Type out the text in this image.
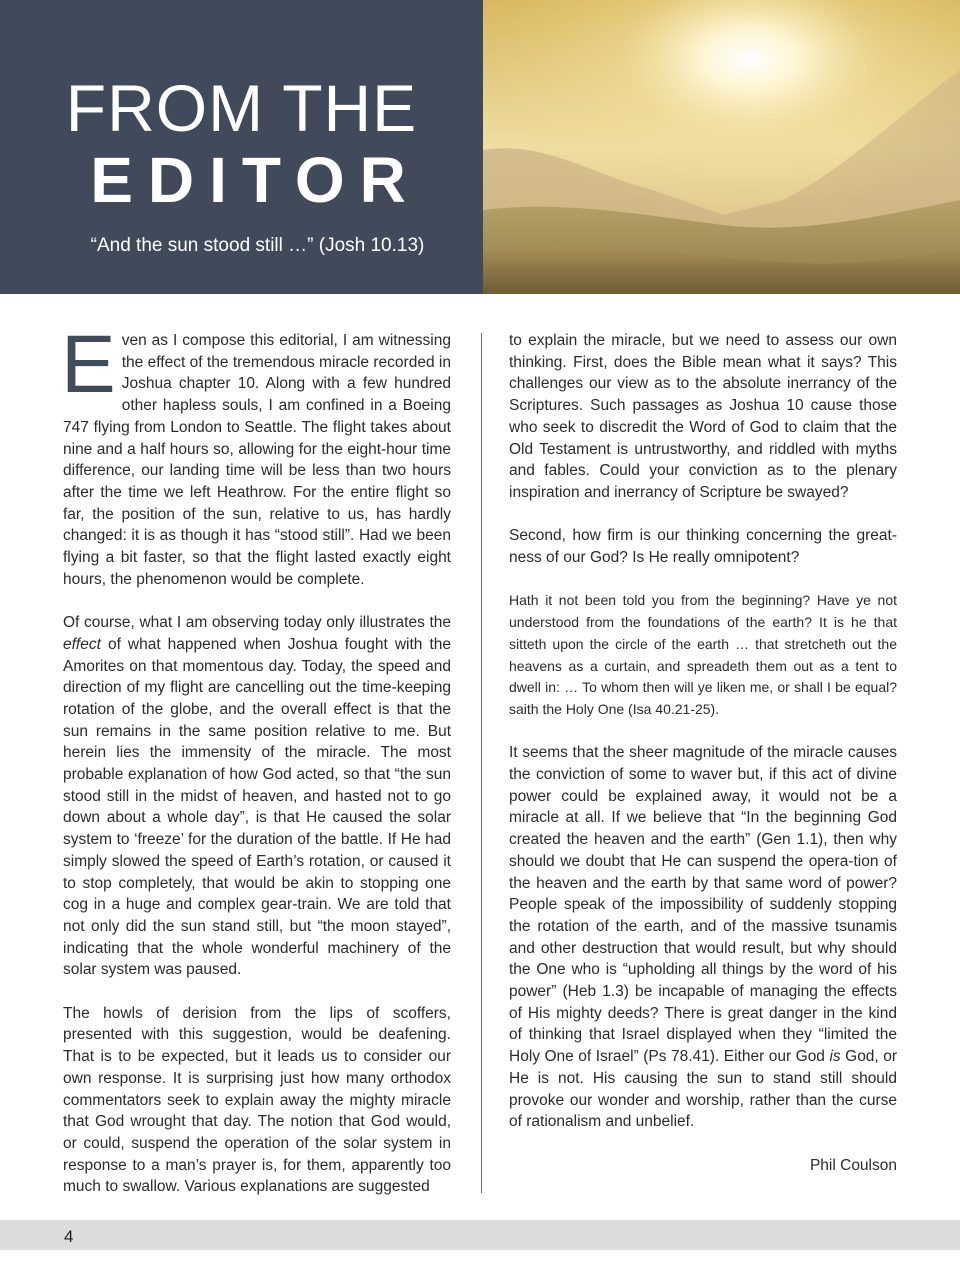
FROM THE
EDITOR
“And the sun stood still …” (Josh 10.13)

Even as I compose this editorial, I am witnessing the effect of the tremendous miracle recorded in Joshua chapter 10. Along with a few hundred other hapless souls, I am confined in a Boeing 747 flying from London to Seattle. The flight takes about nine and a half hours so, allowing for the eight-hour time difference, our landing time will be less than two hours after the time we left Heathrow. For the entire flight so far, the position of the sun, relative to us, has hardly changed: it is as though it has “stood still”. Had we been flying a bit faster, so that the flight lasted exactly eight hours, the phenomenon would be complete.

Of course, what I am observing today only illustrates the effect of what happened when Joshua fought with the Amorites on that momentous day. Today, the speed and direction of my flight are cancelling out the time-keeping rotation of the globe, and the overall effect is that the sun remains in the same position relative to me. But herein lies the immensity of the miracle. The most probable explanation of how God acted, so that “the sun stood still in the midst of heaven, and hasted not to go down about a whole day”, is that He caused the solar system to ‘freeze’ for the duration of the battle. If He had simply slowed the speed of Earth’s rotation, or caused it to stop completely, that would be akin to stopping one cog in a huge and complex gear-train. We are told that not only did the sun stand still, but “the moon stayed”, indicating that the whole wonderful machinery of the solar system was paused.

The howls of derision from the lips of scoffers, presented with this suggestion, would be deafening. That is to be expected, but it leads us to consider our own response. It is surprising just how many orthodox commentators seek to explain away the mighty miracle that God wrought that day. The notion that God would, or could, suspend the operation of the solar system in response to a man’s prayer is, for them, apparently too much to swallow. Various explanations are suggested

to explain the miracle, but we need to assess our own thinking. First, does the Bible mean what it says? This challenges our view as to the absolute inerrancy of the Scriptures. Such passages as Joshua 10 cause those who seek to discredit the Word of God to claim that the Old Testament is untrustworthy, and riddled with myths and fables. Could your conviction as to the plenary inspiration and inerrancy of Scripture be swayed?

Second, how firm is our thinking concerning the great-ness of our God? Is He really omnipotent?

Hath it not been told you from the beginning? Have ye not understood from the foundations of the earth? It is he that sitteth upon the circle of the earth … that stretcheth out the heavens as a curtain, and spreadeth them out as a tent to dwell in: … To whom then will ye liken me, or shall I be equal? saith the Holy One (Isa 40.21-25).

It seems that the sheer magnitude of the miracle causes the conviction of some to waver but, if this act of divine power could be explained away, it would not be a miracle at all. If we believe that “In the beginning God created the heaven and the earth” (Gen 1.1), then why should we doubt that He can suspend the opera-tion of the heaven and the earth by that same word of power? People speak of the impossibility of suddenly stopping the rotation of the earth, and of the massive tsunamis and other destruction that would result, but why should the One who is “upholding all things by the word of his power” (Heb 1.3) be incapable of managing the effects of His mighty deeds? There is great danger in the kind of thinking that Israel displayed when they “limited the Holy One of Israel” (Ps 78.41). Either our God is God, or He is not. His causing the sun to stand still should provoke our wonder and worship, rather than the curse of rationalism and unbelief.

Phil Coulson

4
